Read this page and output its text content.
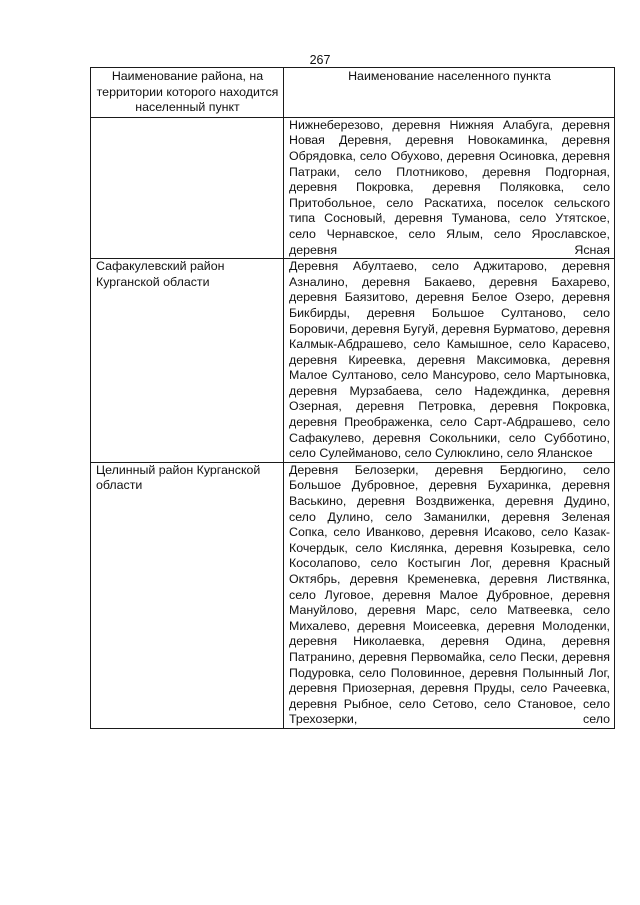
267
Наименование района, на территории которого находится населенный пункт	Наименование населенного пункта
	Нижнеберезово, деревня Нижняя Алабуга, деревня Новая Деревня, деревня Новокаминка, деревня Обрядовка, село Обухово, деревня Осиновка, деревня Патраки, село Плотниково, деревня Подгорная, деревня Покровка, деревня Поляковка, село Притобольное, село Раскатиха, поселок сельского типа Сосновый, деревня Туманова, село Утятское, село Чернавское, село Ялым, село Ярославское, деревня Ясная
Сафакулевский район Курганской области	Деревня Абултаево, село Аджитарово, деревня Азналино, деревня Бакаево, деревня Бахарево, деревня Баязитово, деревня Белое Озеро, деревня Бикбирды, деревня Большое Султаново, село Боровичи, деревня Бугуй, деревня Бурматово, деревня Калмык-Абдрашево, село Камышное, село Карасево, деревня Киреевка, деревня Максимовка, деревня Малое Султаново, село Мансурово, село Мартыновка, деревня Мурзабаева, село Надеждинка, деревня Озерная, деревня Петровка, деревня Покровка, деревня Преображенка, село Сарт-Абдрашево, село Сафакулево, деревня Сокольники, село Субботино, село Сулейманово, село Сулюклино, село Яланское
Целинный район Курганской области	Деревня Белозерки, деревня Бердюгино, село Большое Дубровное, деревня Бухаринка, деревня Васькино, деревня Воздвиженка, деревня Дудино, село Дулино, село Заманилки, деревня Зеленая Сопка, село Иванково, деревня Исаково, село Казак-Кочердык, село Кислянка, деревня Козыревка, село Косолапово, село Костыгин Лог, деревня Красный Октябрь, деревня Кременевка, деревня Листвянка, село Луговое, деревня Малое Дубровное, деревня Мануйлово, деревня Марс, село Матвеевка, село Михалево, деревня Моисеевка, деревня Молоденки, деревня Николаевка, деревня Одина, деревня Патранино, деревня Первомайка, село Пески, деревня Подуровка, село Половинное, деревня Полынный Лог, деревня Приозерная, деревня Пруды, село Рачеевка, деревня Рыбное, село Сетово, село Становое, село Трехозерки, село
